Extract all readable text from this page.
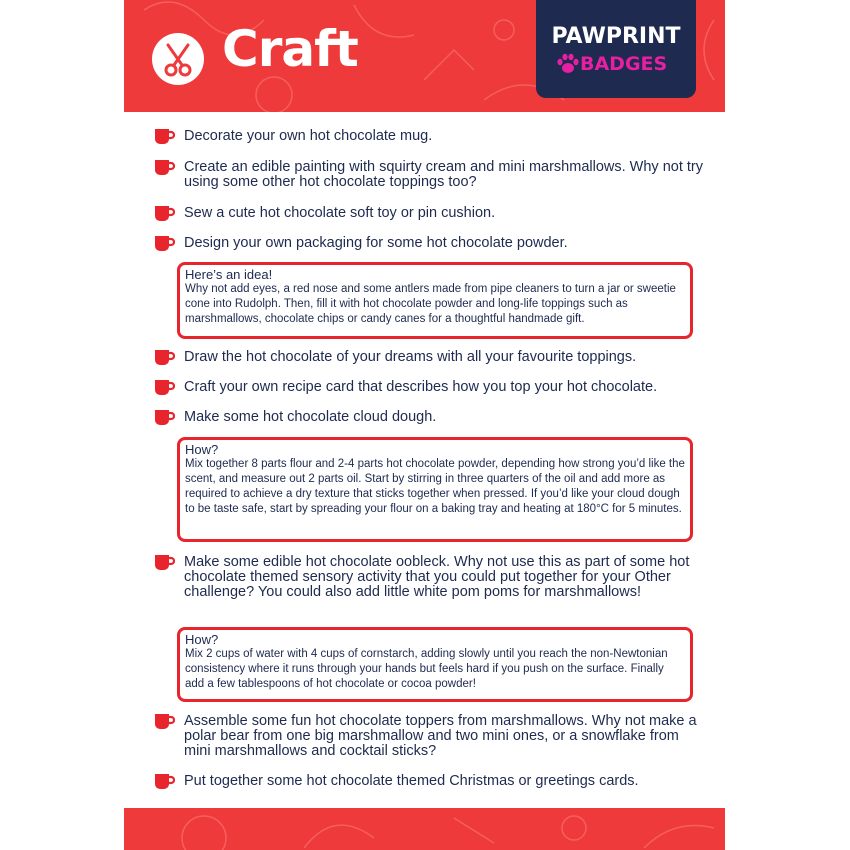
Craft	PAWPRINT
BADGES
Decorate your own hot chocolate mug.
Create an edible painting with squirty cream and mini marshmallows. Why not try using some other hot chocolate toppings too?
Sew a cute hot chocolate soft toy or pin cushion.
Design your own packaging for some hot chocolate powder.
Here’s an idea!
Why not add eyes, a red nose and some antlers made from pipe cleaners to turn a jar or sweetie cone into Rudolph. Then, fill it with hot chocolate powder and long-life toppings such as marshmallows, chocolate chips or candy canes for a thoughtful handmade gift.
Draw the hot chocolate of your dreams with all your favourite toppings.
Craft your own recipe card that describes how you top your hot chocolate.
Make some hot chocolate cloud dough.
How?
Mix together 8 parts flour and 2-4 parts hot chocolate powder, depending how strong you’d like the scent, and measure out 2 parts oil. Start by stirring in three quarters of the oil and add more as required to achieve a dry texture that sticks together when pressed. If you’d like your cloud dough to be taste safe, start by spreading your flour on a baking tray and heating at 180°C for 5 minutes.
Make some edible hot chocolate oobleck. Why not use this as part of some hot chocolate themed sensory activity that you could put together for your Other challenge? You could also add little white pom poms for marshmallows!
How?
Mix 2 cups of water with 4 cups of cornstarch, adding slowly until you reach the non-Newtonian consistency where it runs through your hands but feels hard if you push on the surface. Finally add a few tablespoons of hot chocolate or cocoa powder!
Assemble some fun hot chocolate toppers from marshmallows. Why not make a polar bear from one big marshmallow and two mini ones, or a snowflake from mini marshmallows and cocktail sticks?
Put together some hot chocolate themed Christmas or greetings cards.
